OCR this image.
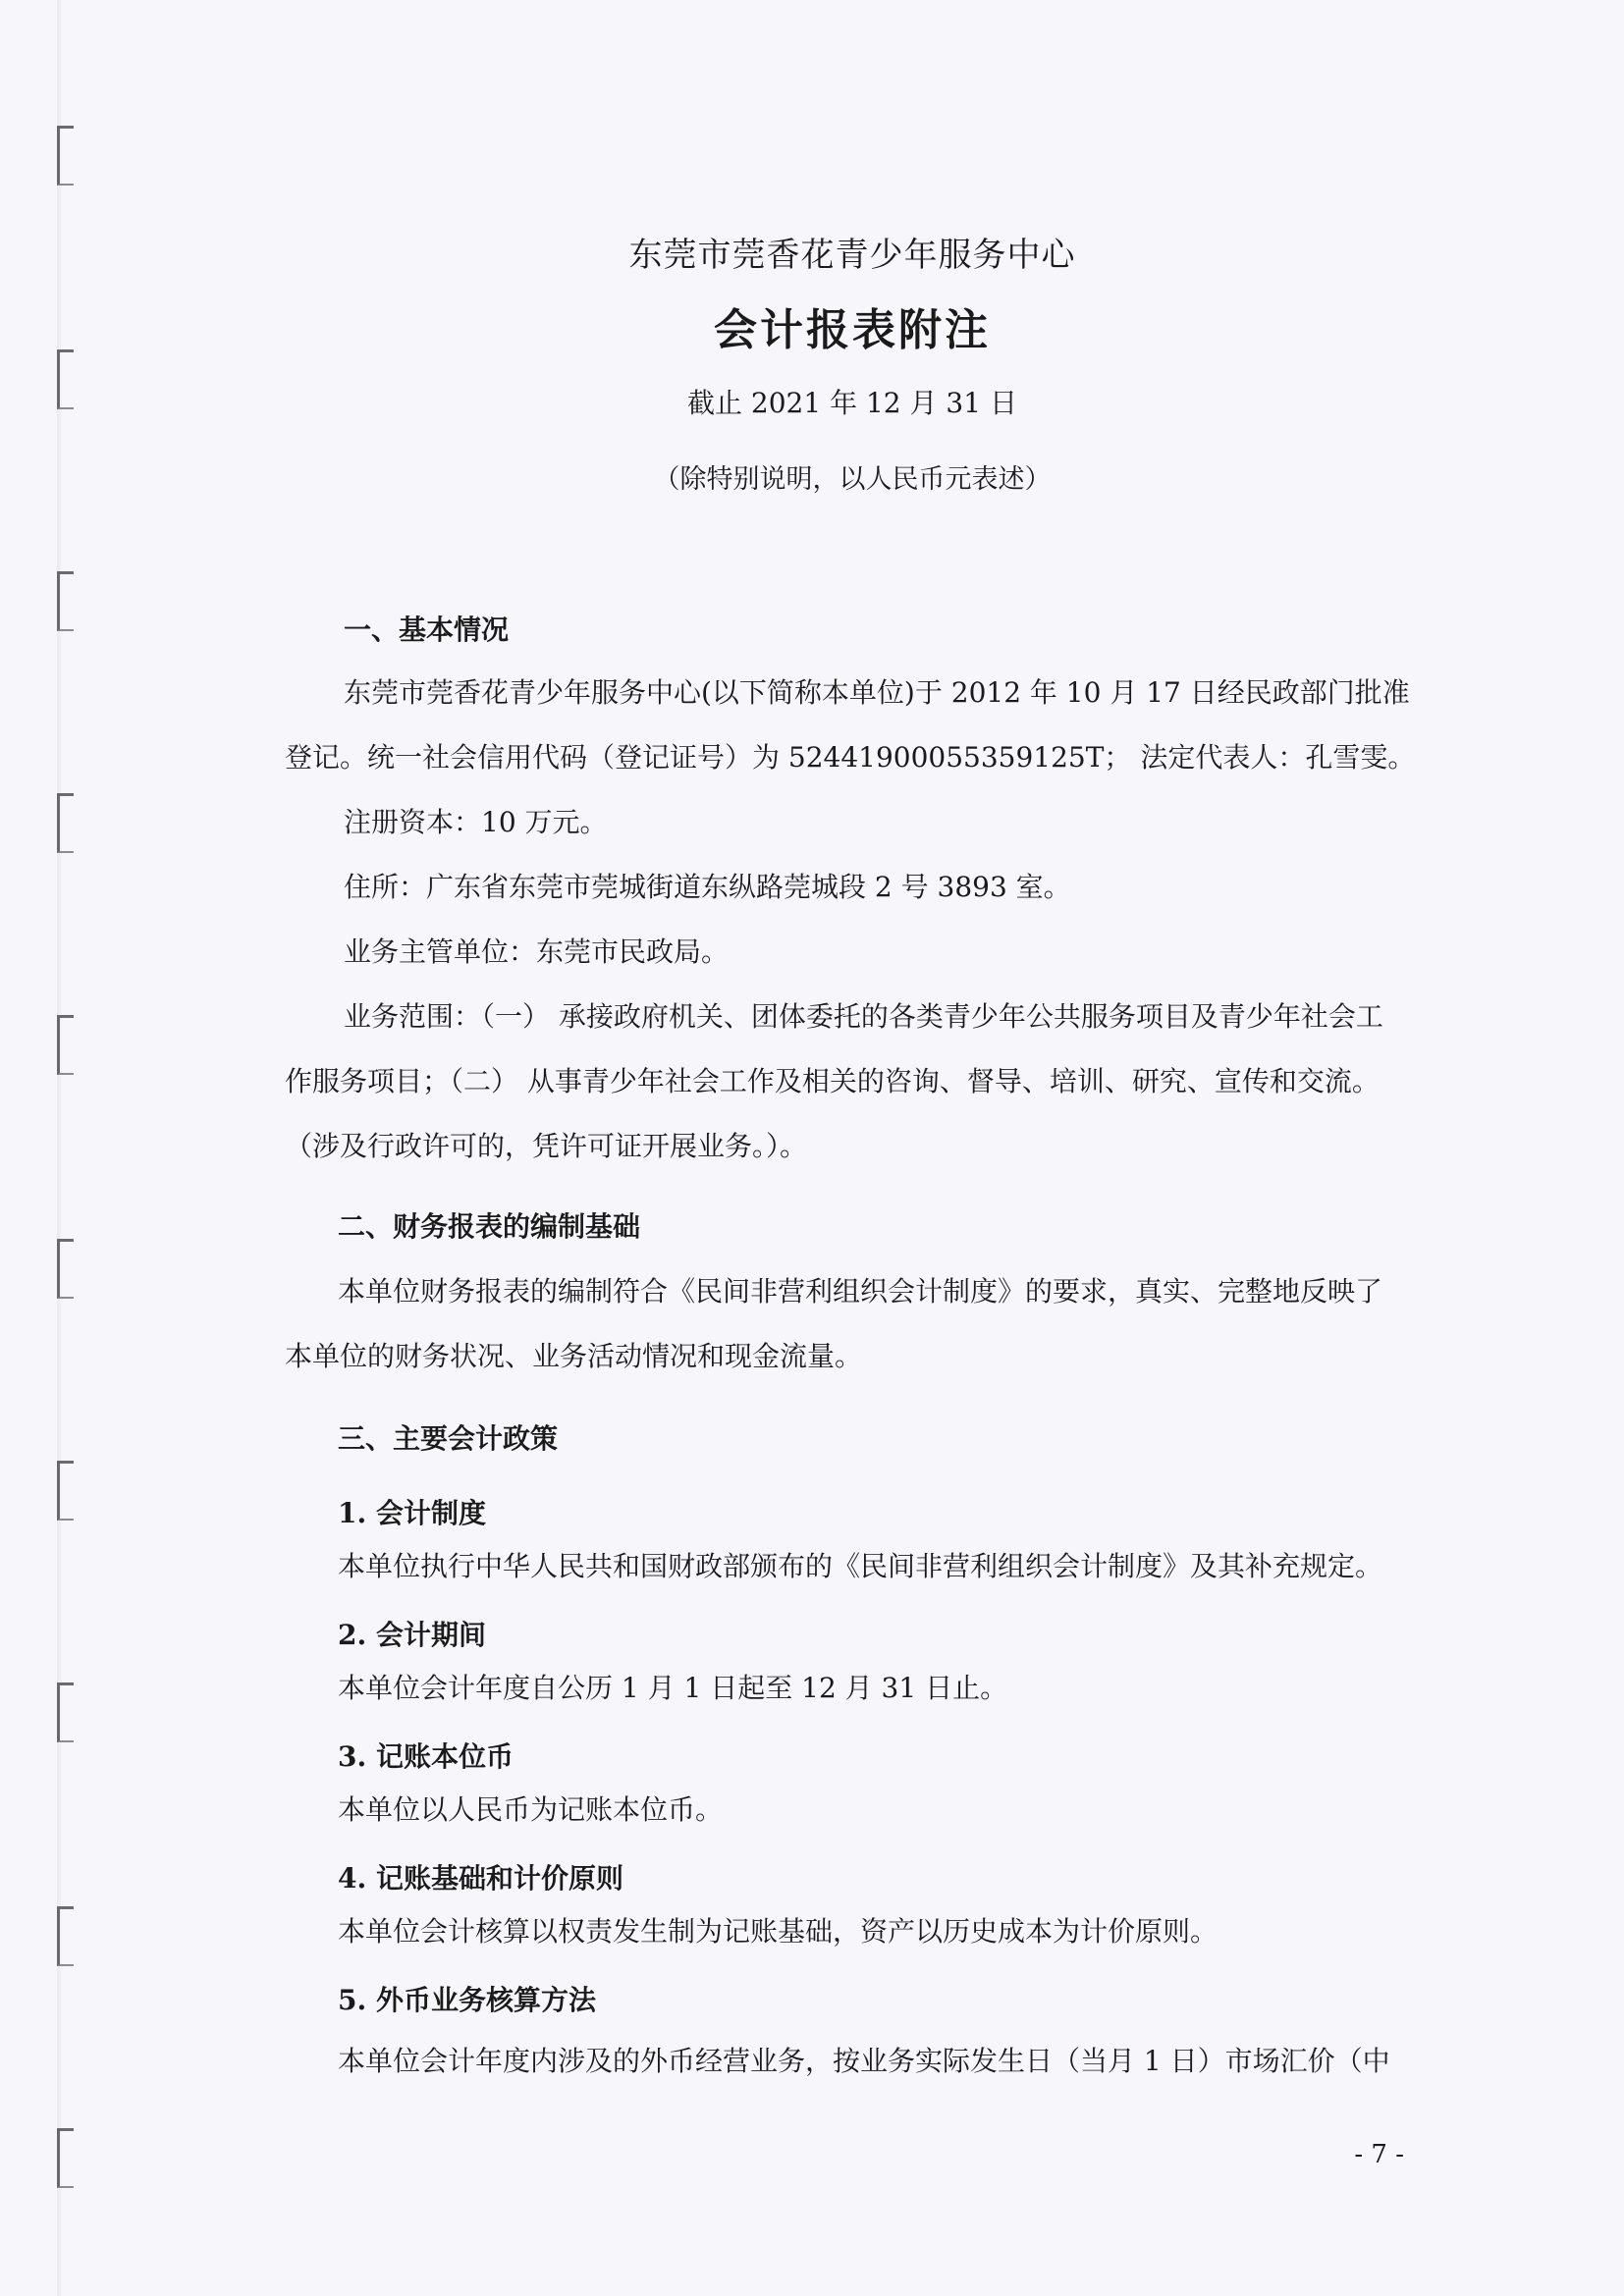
东莞市莞香花青少年服务中心
会计报表附注
截止 2021 年 12 月 31 日
（除特别说明，以人民币元表述）
一、基本情况
东莞市莞香花青少年服务中心(以下简称本单位)于 2012 年 10 月 17 日经民政部门批准
登记。统一社会信用代码（登记证号）为 52441900055359125T； 法定代表人：孔雪雯。
注册资本：10 万元。
住所：广东省东莞市莞城街道东纵路莞城段 2 号 3893 室。
业务主管单位：东莞市民政局。
业务范围：（一） 承接政府机关、团体委托的各类青少年公共服务项目及青少年社会工
作服务项目；（二） 从事青少年社会工作及相关的咨询、督导、培训、研究、宣传和交流。
（涉及行政许可的，凭许可证开展业务。）。
二、财务报表的编制基础
本单位财务报表的编制符合《民间非营利组织会计制度》的要求，真实、完整地反映了
本单位的财务状况、业务活动情况和现金流量。
三、主要会计政策
1. 会计制度
本单位执行中华人民共和国财政部颁布的《民间非营利组织会计制度》及其补充规定。
2. 会计期间
本单位会计年度自公历 1 月 1 日起至 12 月 31 日止。
3. 记账本位币
本单位以人民币为记账本位币。
4. 记账基础和计价原则
本单位会计核算以权责发生制为记账基础，资产以历史成本为计价原则。
5. 外币业务核算方法
本单位会计年度内涉及的外币经营业务，按业务实际发生日（当月 1 日）市场汇价（中
- 7 -
